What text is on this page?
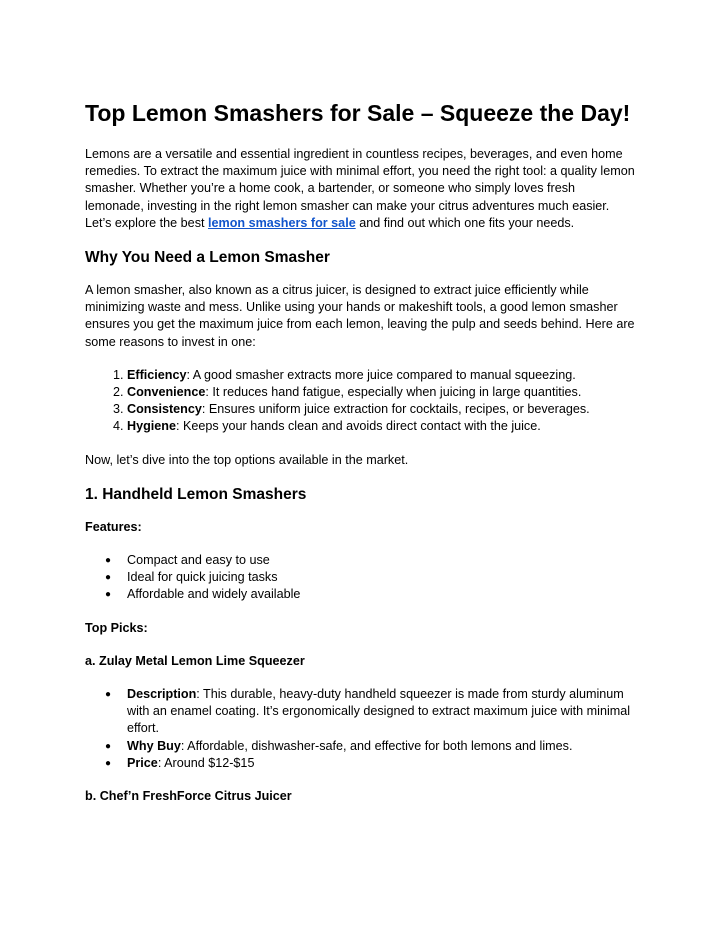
Top Lemon Smashers for Sale – Squeeze the Day!

Lemons are a versatile and essential ingredient in countless recipes, beverages, and even home remedies. To extract the maximum juice with minimal effort, you need the right tool: a quality lemon smasher. Whether you’re a home cook, a bartender, or someone who simply loves fresh lemonade, investing in the right lemon smasher can make your citrus adventures much easier. Let’s explore the best lemon smashers for sale and find out which one fits your needs.

Why You Need a Lemon Smasher

A lemon smasher, also known as a citrus juicer, is designed to extract juice efficiently while minimizing waste and mess. Unlike using your hands or makeshift tools, a good lemon smasher ensures you get the maximum juice from each lemon, leaving the pulp and seeds behind. Here are some reasons to invest in one:

1. Efficiency: A good smasher extracts more juice compared to manual squeezing.
2. Convenience: It reduces hand fatigue, especially when juicing in large quantities.
3. Consistency: Ensures uniform juice extraction for cocktails, recipes, or beverages.
4. Hygiene: Keeps your hands clean and avoids direct contact with the juice.

Now, let’s dive into the top options available in the market.

1. Handheld Lemon Smashers
Features:
● Compact and easy to use
● Ideal for quick juicing tasks
● Affordable and widely available
Top Picks:
a. Zulay Metal Lemon Lime Squeezer
● Description: This durable, heavy-duty handheld squeezer is made from sturdy aluminum with an enamel coating. It’s ergonomically designed to extract maximum juice with minimal effort.
● Why Buy: Affordable, dishwasher-safe, and effective for both lemons and limes.
● Price: Around $12-$15
b. Chef’n FreshForce Citrus Juicer
